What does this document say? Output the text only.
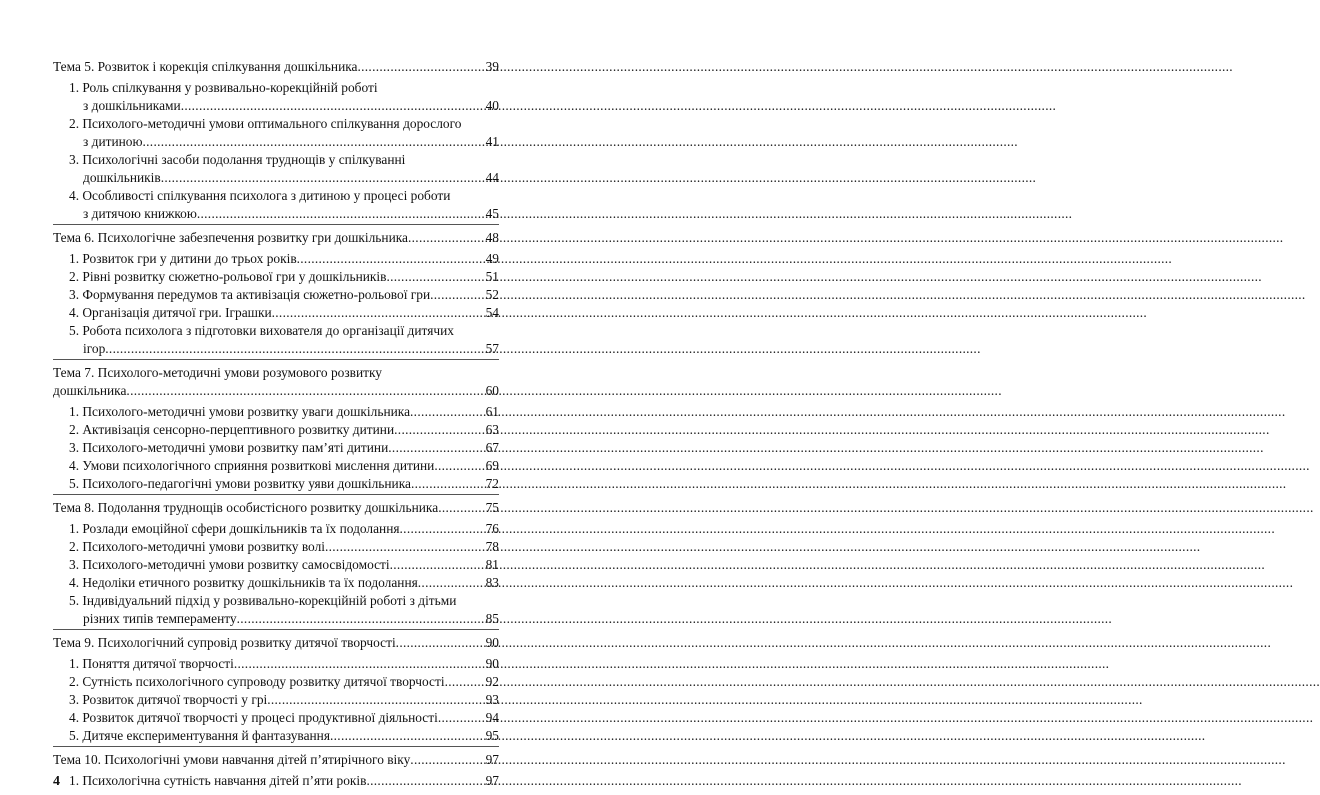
Тема 5. Розвиток і корекція спілкування дошкільника .....	39
1. Роль спілкування у розвивально-корекційній роботі
з дошкільниками .....	40
2. Психолого-методичні умови оптимального спілкування дорослого
з дитиною .....	41
3. Психологічні засоби подолання труднощів у спілкуванні
дошкільників .....	44
4. Особливості спілкування психолога з дитиною у процесі роботи
з дитячою книжкою .....	45
Тема 6. Психологічне забезпечення розвитку гри дошкільника .....	48
1. Розвиток гри у дитини до трьох років .....	49
2. Рівні розвитку сюжетно-рольової гри у дошкільників .....	51
3. Формування передумов та активізація сюжетно-рольової гри .....	52
4. Організація дитячої гри. Іграшки .....	54
5. Робота психолога з підготовки вихователя до організації дитячих
ігор .....	57
Тема 7. Психолого-методичні умови розумового розвитку
дошкільника .....	60
1. Психолого-методичні умови розвитку уваги дошкільника .....	61
2. Активізація сенсорно-перцептивного розвитку дитини .....	63
3. Психолого-методичні умови розвитку пам’яті дитини .....	67
4. Умови психологічного сприяння розвиткові мислення дитини .....	69
5. Психолого-педагогічні умови розвитку уяви дошкільника .....	72
Тема 8. Подолання труднощів особистісного розвитку дошкільника .....	75
1. Розлади емоційної сфери дошкільників та їх подолання .....	76
2. Психолого-методичні умови розвитку волі .....	78
3. Психолого-методичні умови розвитку самосвідомості .....	81
4. Недоліки етичного розвитку дошкільників та їх подолання .....	83
5. Індивідуальний підхід у розвивально-корекційній роботі з дітьми
різних типів темпераменту .....	85
Тема 9. Психологічний супровід розвитку дитячої творчості .....	90
1. Поняття дитячої творчості .....	90
2. Сутність психологічного супроводу розвитку дитячої творчості .....	92
3. Розвиток дитячої творчості у грі .....	93
4. Розвиток дитячої творчості у процесі продуктивної діяльності .....	94
5. Дитяче експериментування й фантазування .....	95
Тема 10. Психологічні умови навчання дітей п’ятирічного віку .....	97
1. Психологічна сутність навчання дітей п’яти років .....	97
4
